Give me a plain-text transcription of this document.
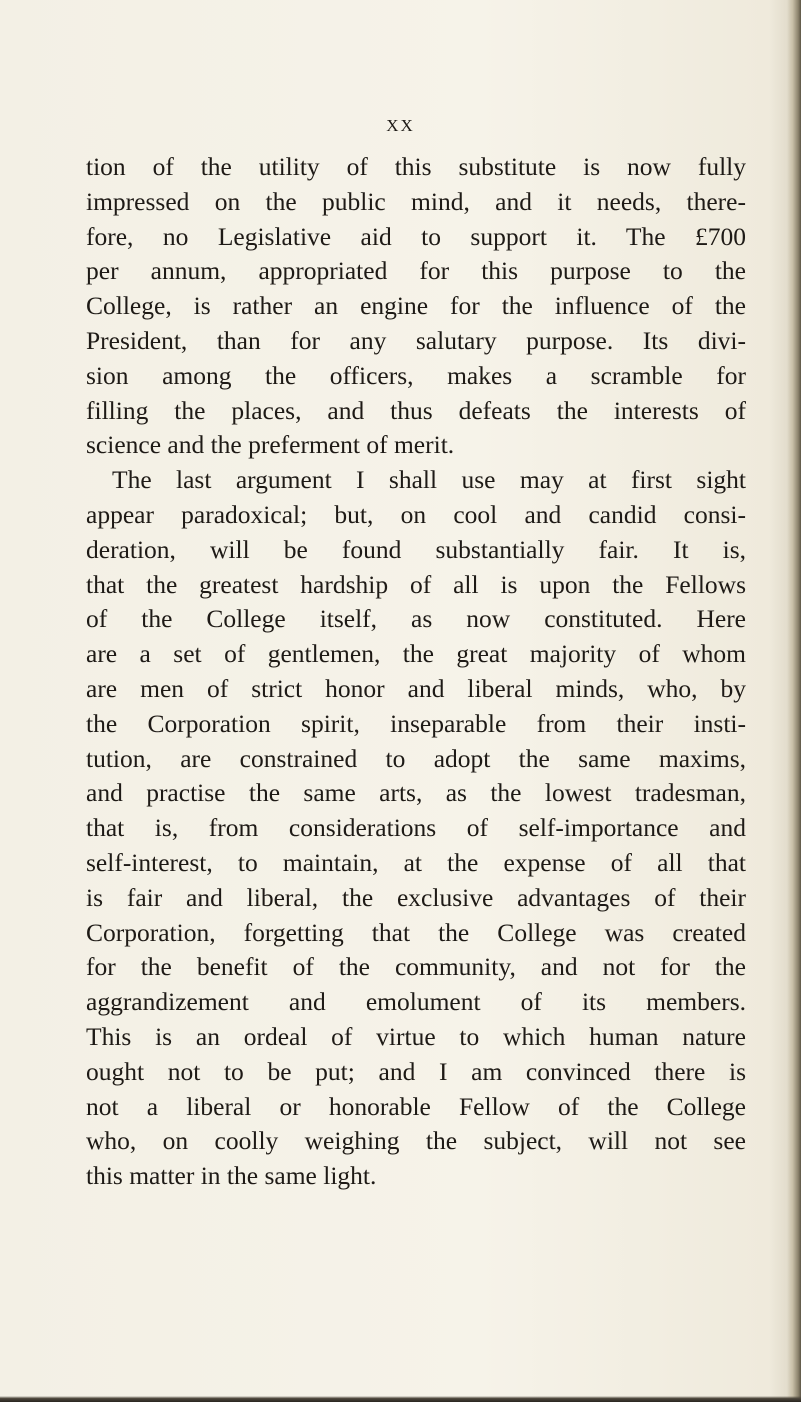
XX
tion of the utility of this substitute is now fully
impressed on the public mind, and it needs, there-
fore, no Legislative aid to support it. The £700
per annum, appropriated for this purpose to the
College, is rather an engine for the influence of the
President, than for any salutary purpose. Its divi-
sion among the officers, makes a scramble for
filling the places, and thus defeats the interests of
science and the preferment of merit.
The last argument I shall use may at first sight
appear paradoxical; but, on cool and candid consi-
deration, will be found substantially fair. It is,
that the greatest hardship of all is upon the Fellows
of the College itself, as now constituted. Here
are a set of gentlemen, the great majority of whom
are men of strict honor and liberal minds, who, by
the Corporation spirit, inseparable from their insti-
tution, are constrained to adopt the same maxims,
and practise the same arts, as the lowest tradesman,
that is, from considerations of self-importance and
self-interest, to maintain, at the expense of all that
is fair and liberal, the exclusive advantages of their
Corporation, forgetting that the College was created
for the benefit of the community, and not for the
aggrandizement and emolument of its members.
This is an ordeal of virtue to which human nature
ought not to be put; and I am convinced there is
not a liberal or honorable Fellow of the College
who, on coolly weighing the subject, will not see
this matter in the same light.
